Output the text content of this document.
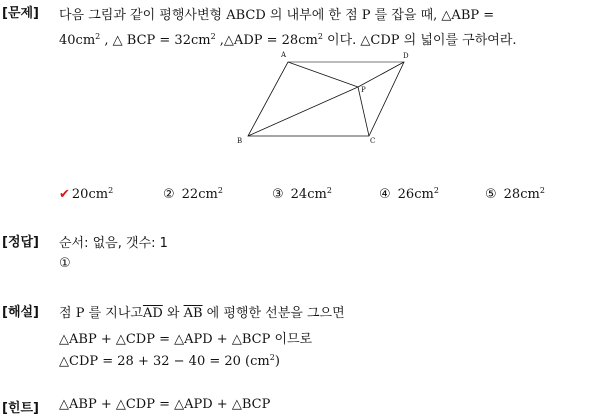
[문제] 다음 그림과 같이 평행사변형 ABCD 의 내부에 한 점 P 를 잡을 때, △ABP =
$40cm^2$ , △ BCP = $32cm^2$ ,△ADP = $28cm^2$ 이다. △CDP 의 넓이를 구하여라.
A	D
B	C
P
✔ $20cm^2$	② $22cm^2$	③ $24cm^2$	④ $26cm^2$	⑤ $28cm^2$
[정답] 순서: 없음, 갯수: 1
①
[해설] 점 P 를 지나고$\overline{AD}$ 와 $\overline{AB}$ 에 평행한 선분을 그으면
△ABP + △CDP = △APD + △BCP 이므로
△CDP = 28 + 32 − 40 = 20 $(cm^2)$
[힌트] △ABP + △CDP = △APD + △BCP
